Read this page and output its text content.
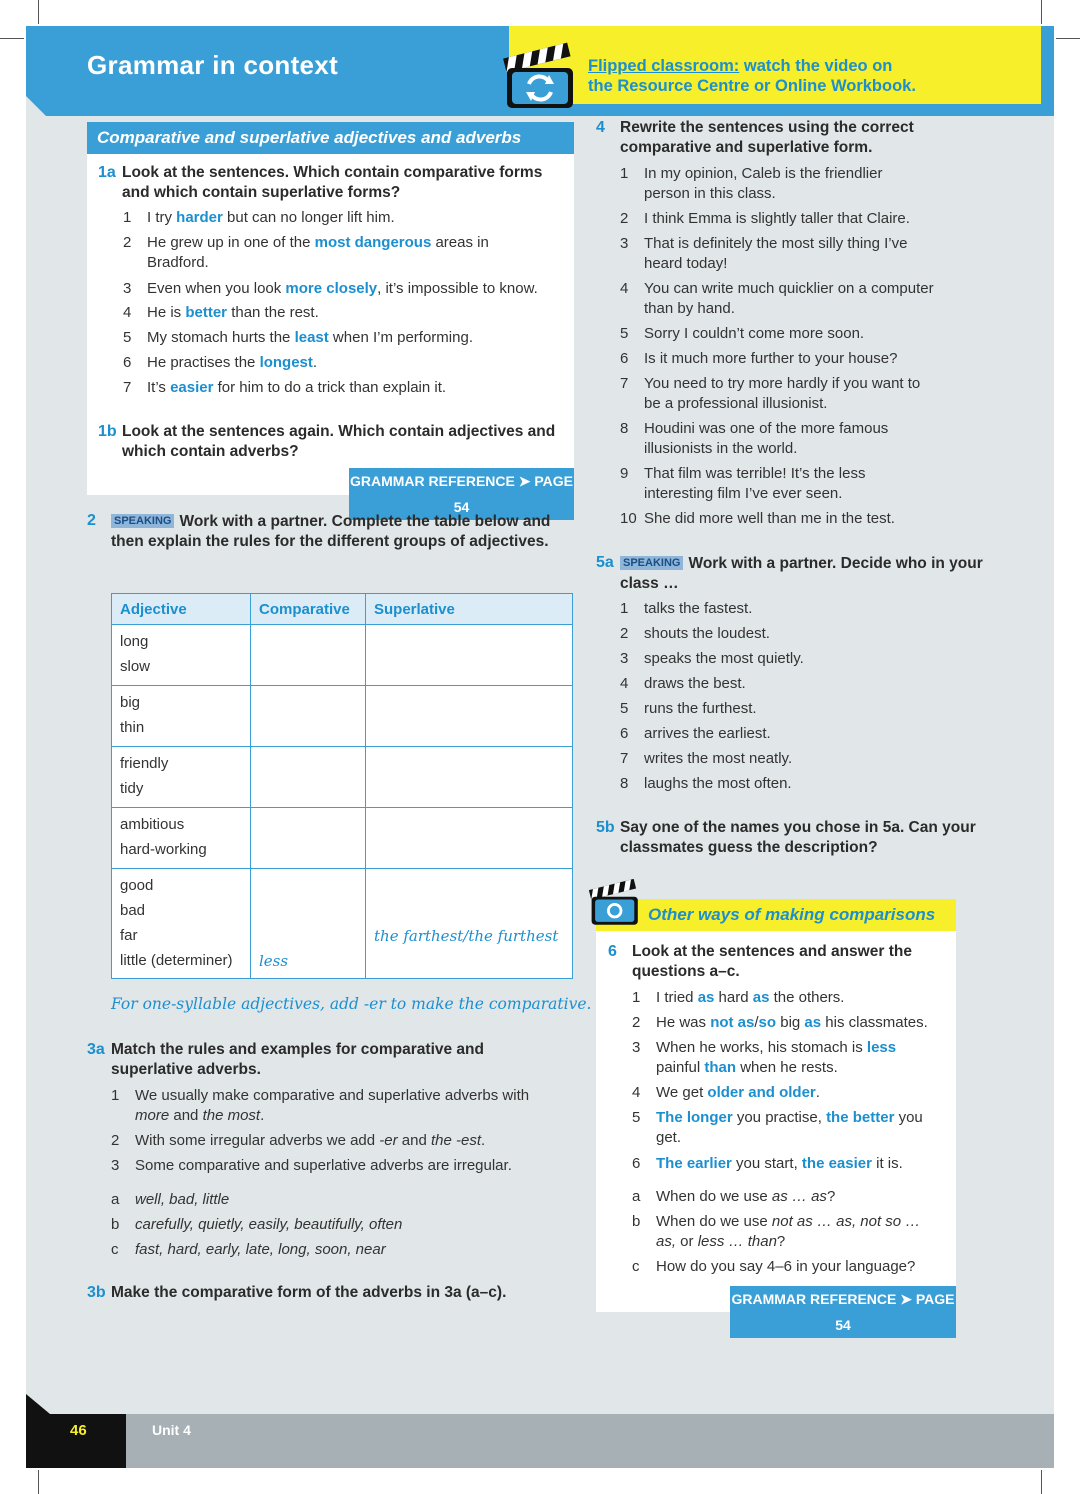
Grammar in context	Flipped classroom: watch the video on
the Resource Centre or Online Workbook.
Comparative and superlative adjectives and adverbs
1a Look at the sentences. Which contain comparative forms and which contain superlative forms?
1 I try harder but can no longer lift him.
2 He grew up in one of the most dangerous areas in Bradford.
3 Even when you look more closely, it’s impossible to know.
4 He is better than the rest.
5 My stomach hurts the least when I’m performing.
6 He practises the longest.
7 It’s easier for him to do a trick than explain it.
1b Look at the sentences again. Which contain adjectives and which contain adverbs?
GRAMMAR REFERENCE ➤ PAGE 54
2	SPEAKING Work with a partner. Complete the table below and then explain the rules for the different groups of adjectives.
Adjective	Comparative	Superlative

long
slow		

big
thin		

friendly
tidy		

ambitious
hard-working		

good
bad
far
little (determiner)	less	the farthest/the furthest
For one-syllable adjectives, add -er to make the comparative.
3a Match the rules and examples for comparative and superlative adverbs.
1 We usually make comparative and superlative adverbs with
more and the most.
2 With some irregular adverbs we add -er and the -est.
3 Some comparative and superlative adverbs are irregular.
a well, bad, little
b carefully, quietly, easily, beautifully, often
c fast, hard, early, late, long, soon, near
3b Make the comparative form of the adverbs in 3a (a–c).
4 Rewrite the sentences using the correct comparative and superlative form.
1 In my opinion, Caleb is the friendlier
person in this class.
2 I think Emma is slightly taller that Claire.
3 That is definitely the most silly thing I’ve
heard today!
4 You can write much quicklier on a computer
than by hand.
5 Sorry I couldn’t come more soon.
6 Is it much more further to your house?
7 You need to try more hardly if you want to
be a professional illusionist.
8 Houdini was one of the more famous
illusionists in the world.
9 That film was terrible! It’s the less
interesting film I’ve ever seen.
10 She did more well than me in the test.
5a SPEAKING Work with a partner. Decide who in your class …
1 talks the fastest.
2 shouts the loudest.
3 speaks the most quietly.
4 draws the best.
5 runs the furthest.
6 arrives the earliest.
7 writes the most neatly.
8 laughs the most often.
5b Say one of the names you chose in 5a. Can your classmates guess the description?
Other ways of making comparisons
6 Look at the sentences and answer the questions a–c.
1 I tried as hard as the others.
2 He was not as/so big as his classmates.
3 When he works, his stomach is less
painful than when he rests.
4 We get older and older.
5 The longer you practise, the better you
get.
6 The earlier you start, the easier it is.
a When do we use as … as?
b When do we use not as … as, not so …
as, or less … than?
c How do you say 4–6 in your language?
GRAMMAR REFERENCE ➤ PAGE 54
46	Unit 4
